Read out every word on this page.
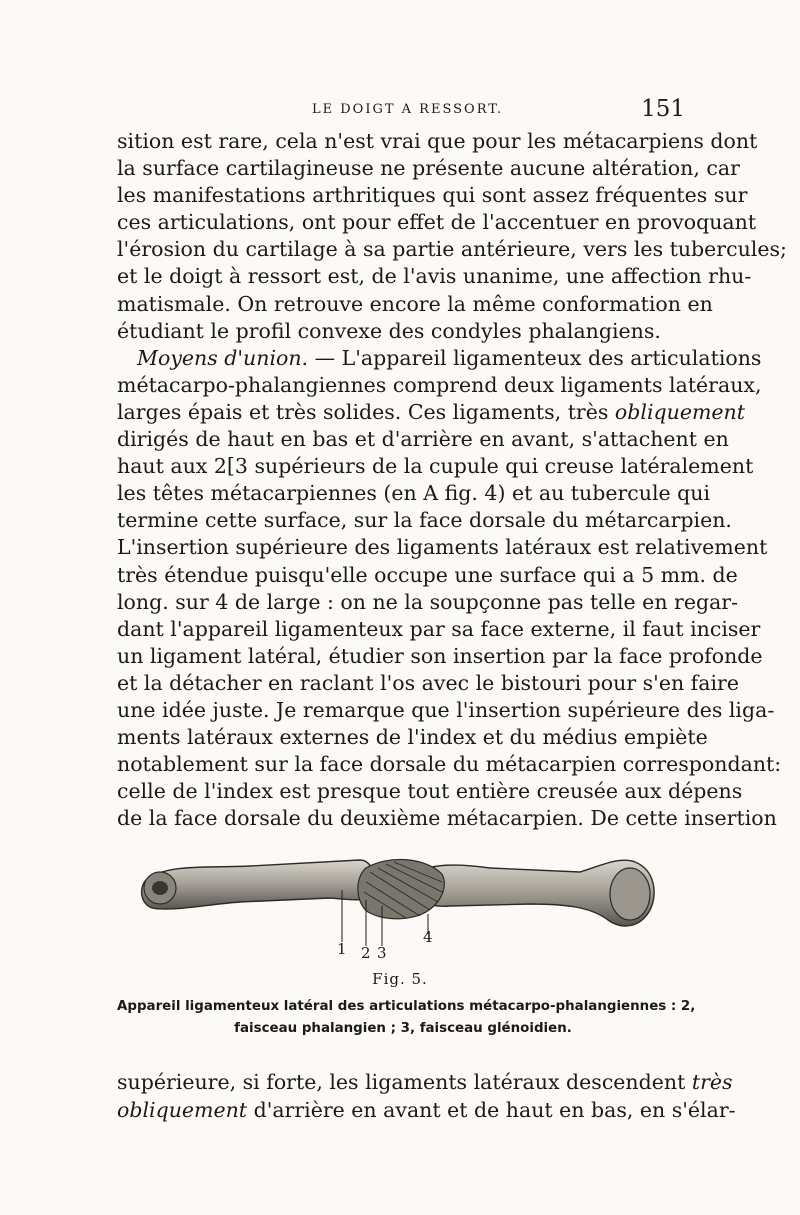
LE DOIGT A RESSORT.	151
sition est rare, cela n'est vrai que pour les métacarpiens dont
la surface cartilagineuse ne présente aucune altération, car
les manifestations arthritiques qui sont assez fréquentes sur
ces articulations, ont pour effet de l'accentuer en provoquant
l'érosion du cartilage à sa partie antérieure, vers les tubercules;
et le doigt à ressort est, de l'avis unanime, une affection rhu-
matismale. On retrouve encore la même conformation en
étudiant le profil convexe des condyles phalangiens.
Moyens d'union. — L'appareil ligamenteux des articulations
métacarpo-phalangiennes comprend deux ligaments latéraux,
larges épais et très solides. Ces ligaments, très obliquement
dirigés de haut en bas et d'arrière en avant, s'attachent en
haut aux 2[3 supérieurs de la cupule qui creuse latéralement
les têtes métacarpiennes (en A fig. 4) et au tubercule qui
termine cette surface, sur la face dorsale du métarcarpien.
L'insertion supérieure des ligaments latéraux est relativement
très étendue puisqu'elle occupe une surface qui a 5 mm. de
long. sur 4 de large : on ne la soupçonne pas telle en regar-
dant l'appareil ligamenteux par sa face externe, il faut inciser
un ligament latéral, étudier son insertion par la face profonde
et la détacher en raclant l'os avec le bistouri pour s'en faire
une idée juste. Je remarque que l'insertion supérieure des liga-
ments latéraux externes de l'index et du médius empiète
notablement sur la face dorsale du métacarpien correspondant:
celle de l'index est presque tout entière creusée aux dépens
de la face dorsale du deuxième métacarpien. De cette insertion
1 2 3
4
Fig. 5.
Appareil ligamenteux latéral des articulations métacarpo-phalangiennes : 2,
faisceau phalangien ; 3, faisceau glénoidien.
supérieure, si forte, les ligaments latéraux descendent très
obliquement d'arrière en avant et de haut en bas, en s'élar-
